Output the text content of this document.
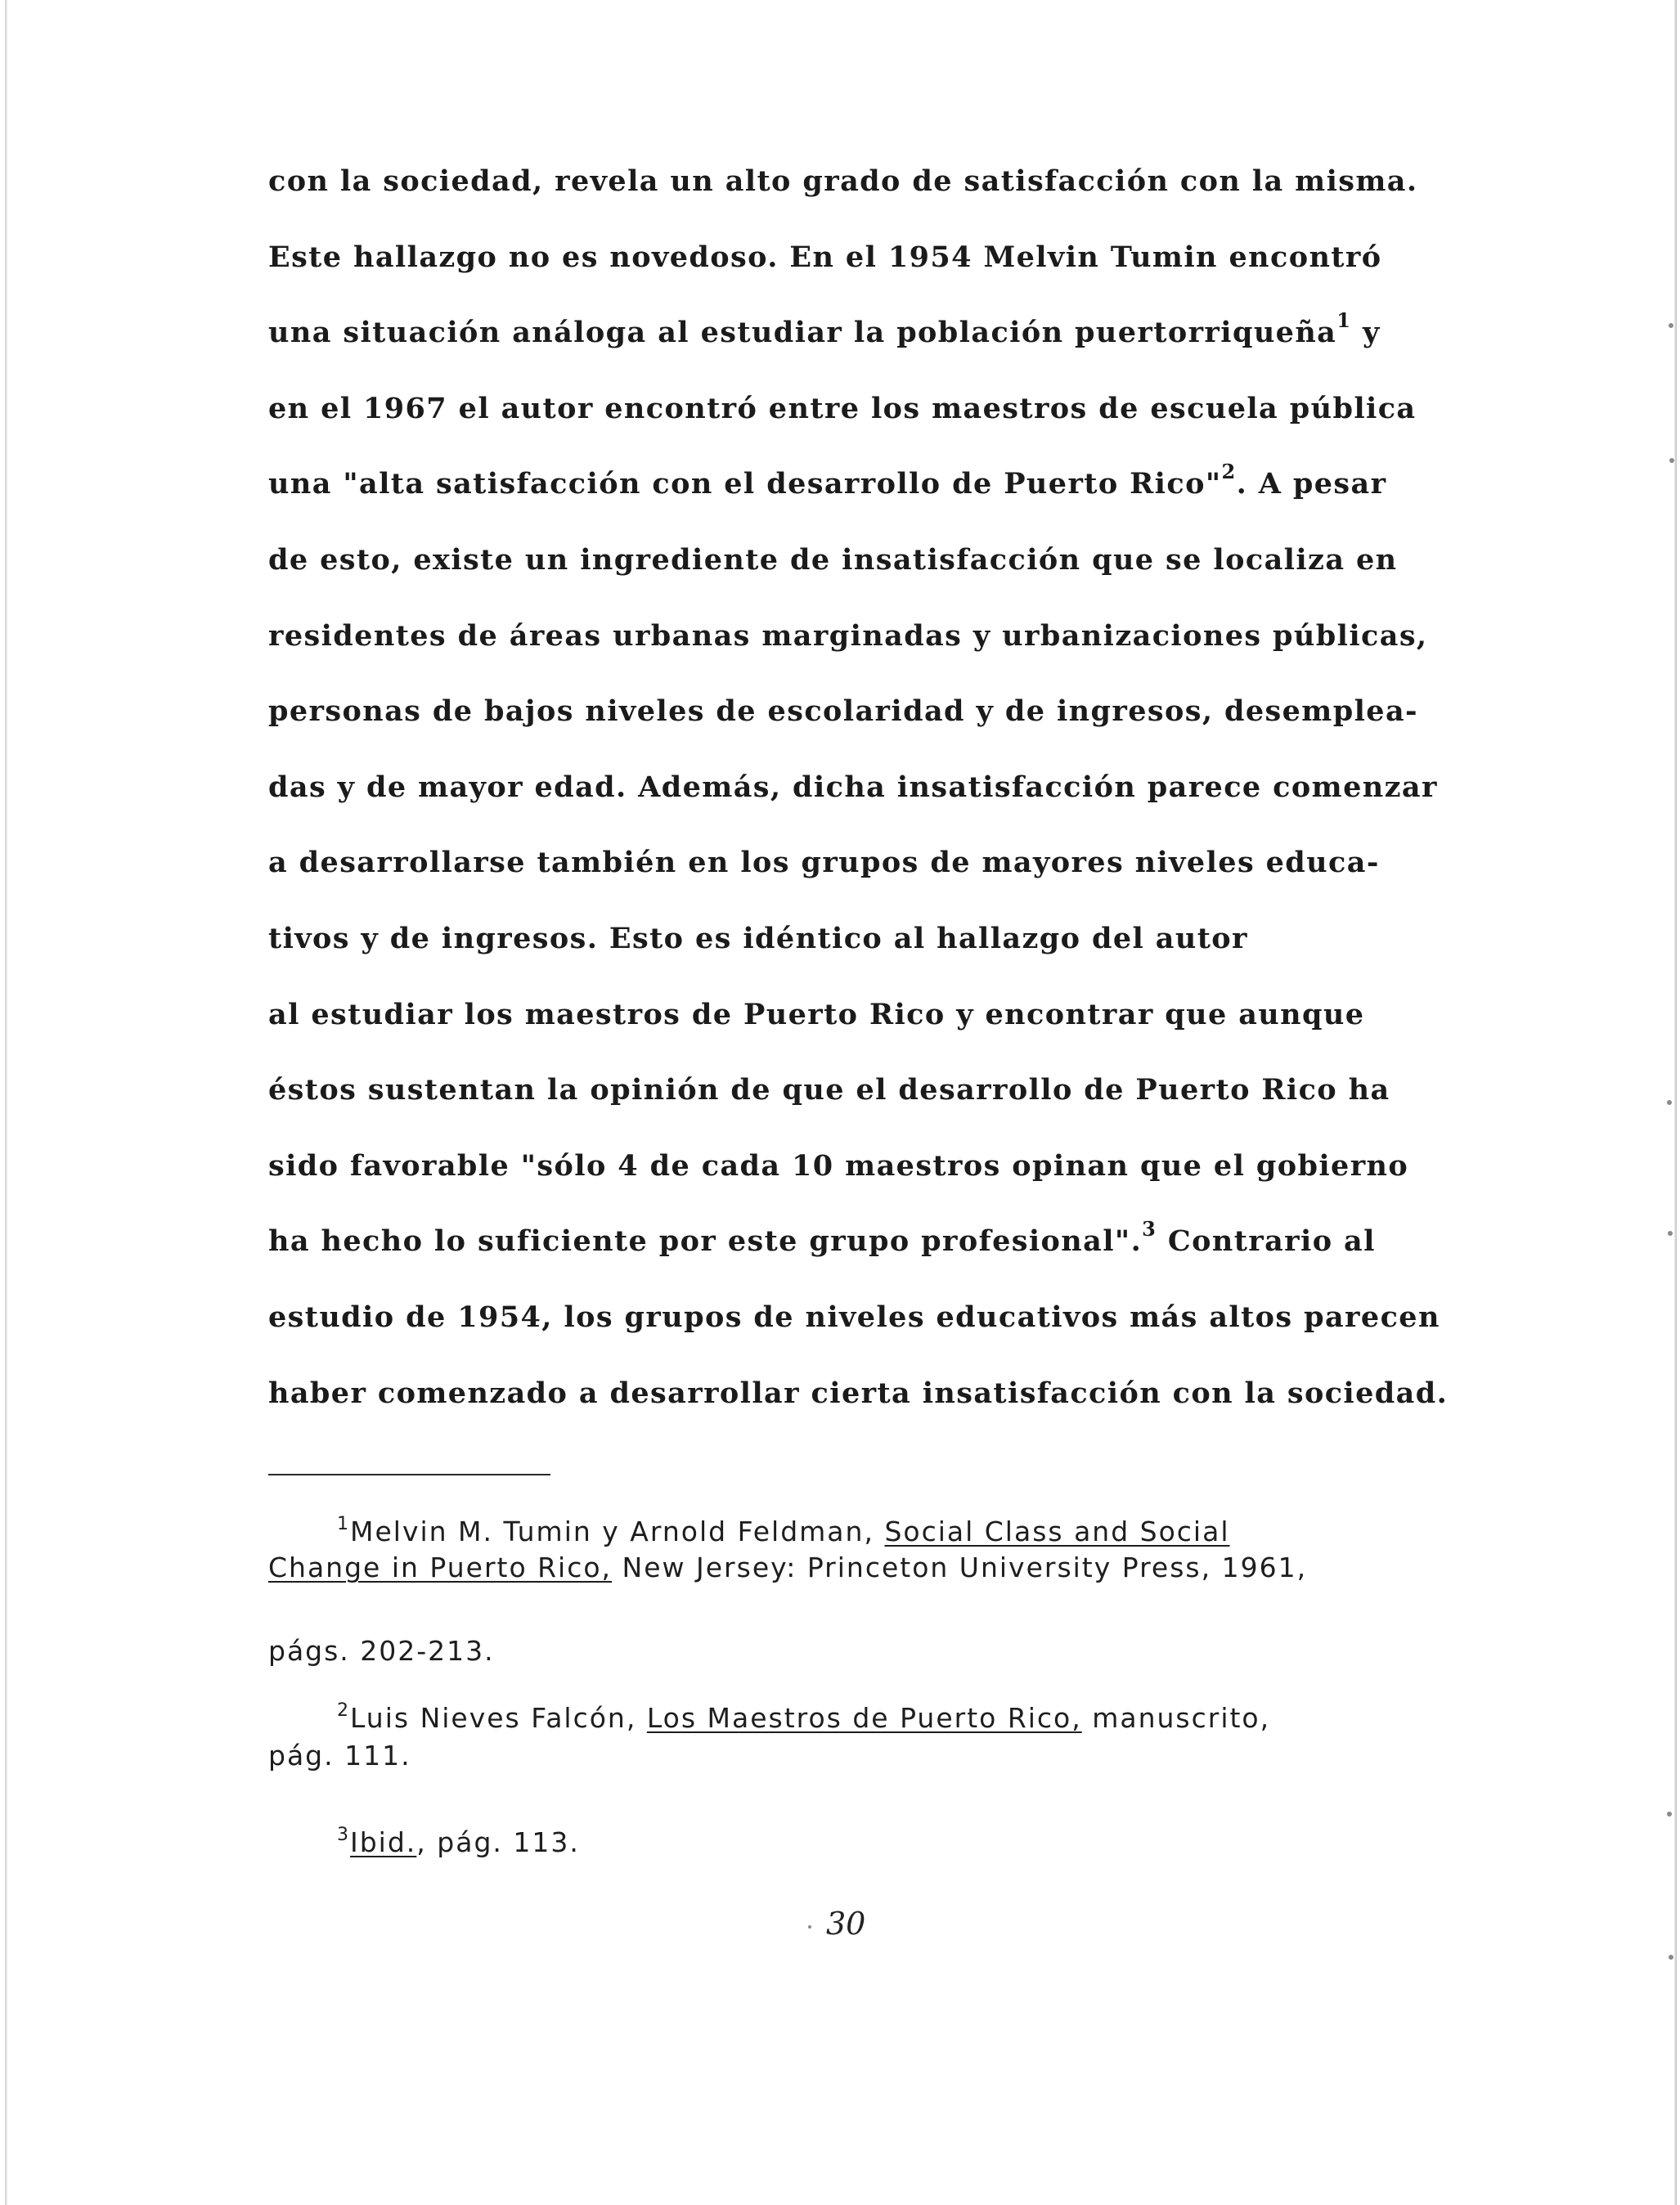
con la sociedad, revela un alto grado de satisfacción con la misma.
Este hallazgo no es novedoso. En el 1954 Melvin Tumin encontró
una situación análoga al estudiar la población puertorriqueña$^1$ y
en el 1967 el autor encontró entre los maestros de escuela pública
una "alta satisfacción con el desarrollo de Puerto Rico"$^2$. A pesar
de esto, existe un ingrediente de insatisfacción que se localiza en
residentes de áreas urbanas marginadas y urbanizaciones públicas,
personas de bajos niveles de escolaridad y de ingresos, desemplea-
das y de mayor edad. Además, dicha insatisfacción parece comenzar
a desarrollarse también en los grupos de mayores niveles educa-
tivos y de ingresos. Esto es idéntico al hallazgo del autor
al estudiar los maestros de Puerto Rico y encontrar que aunque
éstos sustentan la opinión de que el desarrollo de Puerto Rico ha
sido favorable "sólo 4 de cada 10 maestros opinan que el gobierno
ha hecho lo suficiente por este grupo profesional".$^3$ Contrario al
estudio de 1954, los grupos de niveles educativos más altos parecen
haber comenzado a desarrollar cierta insatisfacción con la sociedad.
$^1$Melvin M. Tumin y Arnold Feldman, Social Class and Social
Change in Puerto Rico, New Jersey: Princeton University Press, 1961,
págs. 202-213.
$^2$Luis Nieves Falcón, Los Maestros de Puerto Rico, manuscrito,
pág. 111.
$^3$Ibid., pág. 113.
30
